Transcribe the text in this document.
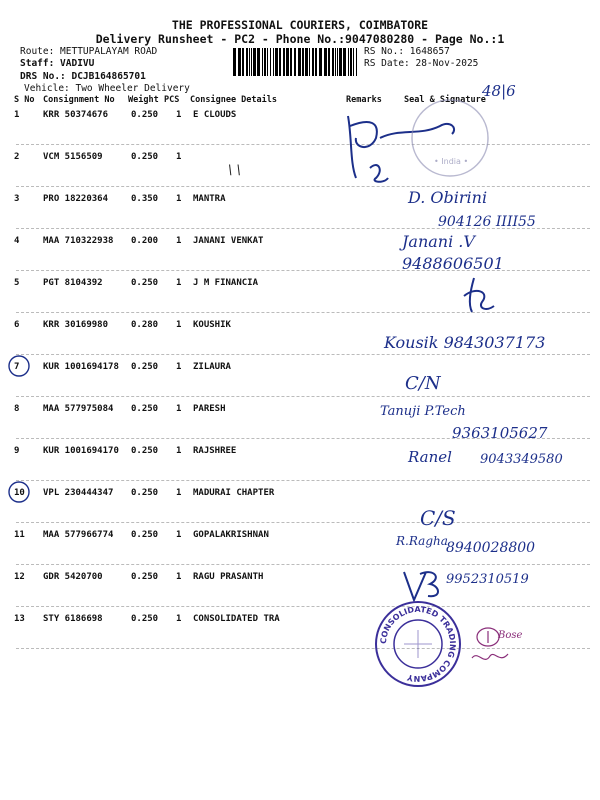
THE PROFESSIONAL COURIERS, COIMBATORE
Delivery Runsheet - PC2 - Phone No.:9047080280 - Page No.:1
Route: METTUPALAYAM ROAD
Staff: VADIVU
DRS No.: DCJB164865701
Vehicle: Two Wheeler Delivery
RS No.: 1648657
RS Date: 28-Nov-2025
S No Consignment No Weight PCS Consignee Details	Remarks	Seal & Signature
1	KRR 50374676	0.250 1 E CLOUDS
2	VCM 5156509	0.250 1
3	PRO 18220364	0.350 1 MANTRA
4	MAA 710322938 0.200 1 JANANI VENKAT
5	PGT 8104392	0.250 1 J M FINANCIA
6	KRR 30169980	0.280 1 KOUSHIK
7	KUR 1001694178 0.250 1 ZILAURA
8	MAA 577975084 0.250 1 PARESH
9	KUR 1001694170 0.250 1 RAJSHREE
10 VPL 230444347 0.250 1 MADURAI CHAPTER
11 MAA 577966774 0.250 1 GOPALAKRISHNAN
12 GDR 5420700	0.250 1 RAGU PRASANTH
13 STY 6186698	0.250 1 CONSOLIDATED TRA
48|6
• India •
\ \
D. Obirini
904126 IIII55
Janani .V
9488606501
Kousik 9843037173
C/N
Tanuji P.Tech
9363105627
Ranel 9043349580
C/S
R.Ragha
8940028800
9952310519
CONSOLIDATED TRADING COMPANY
Bose
